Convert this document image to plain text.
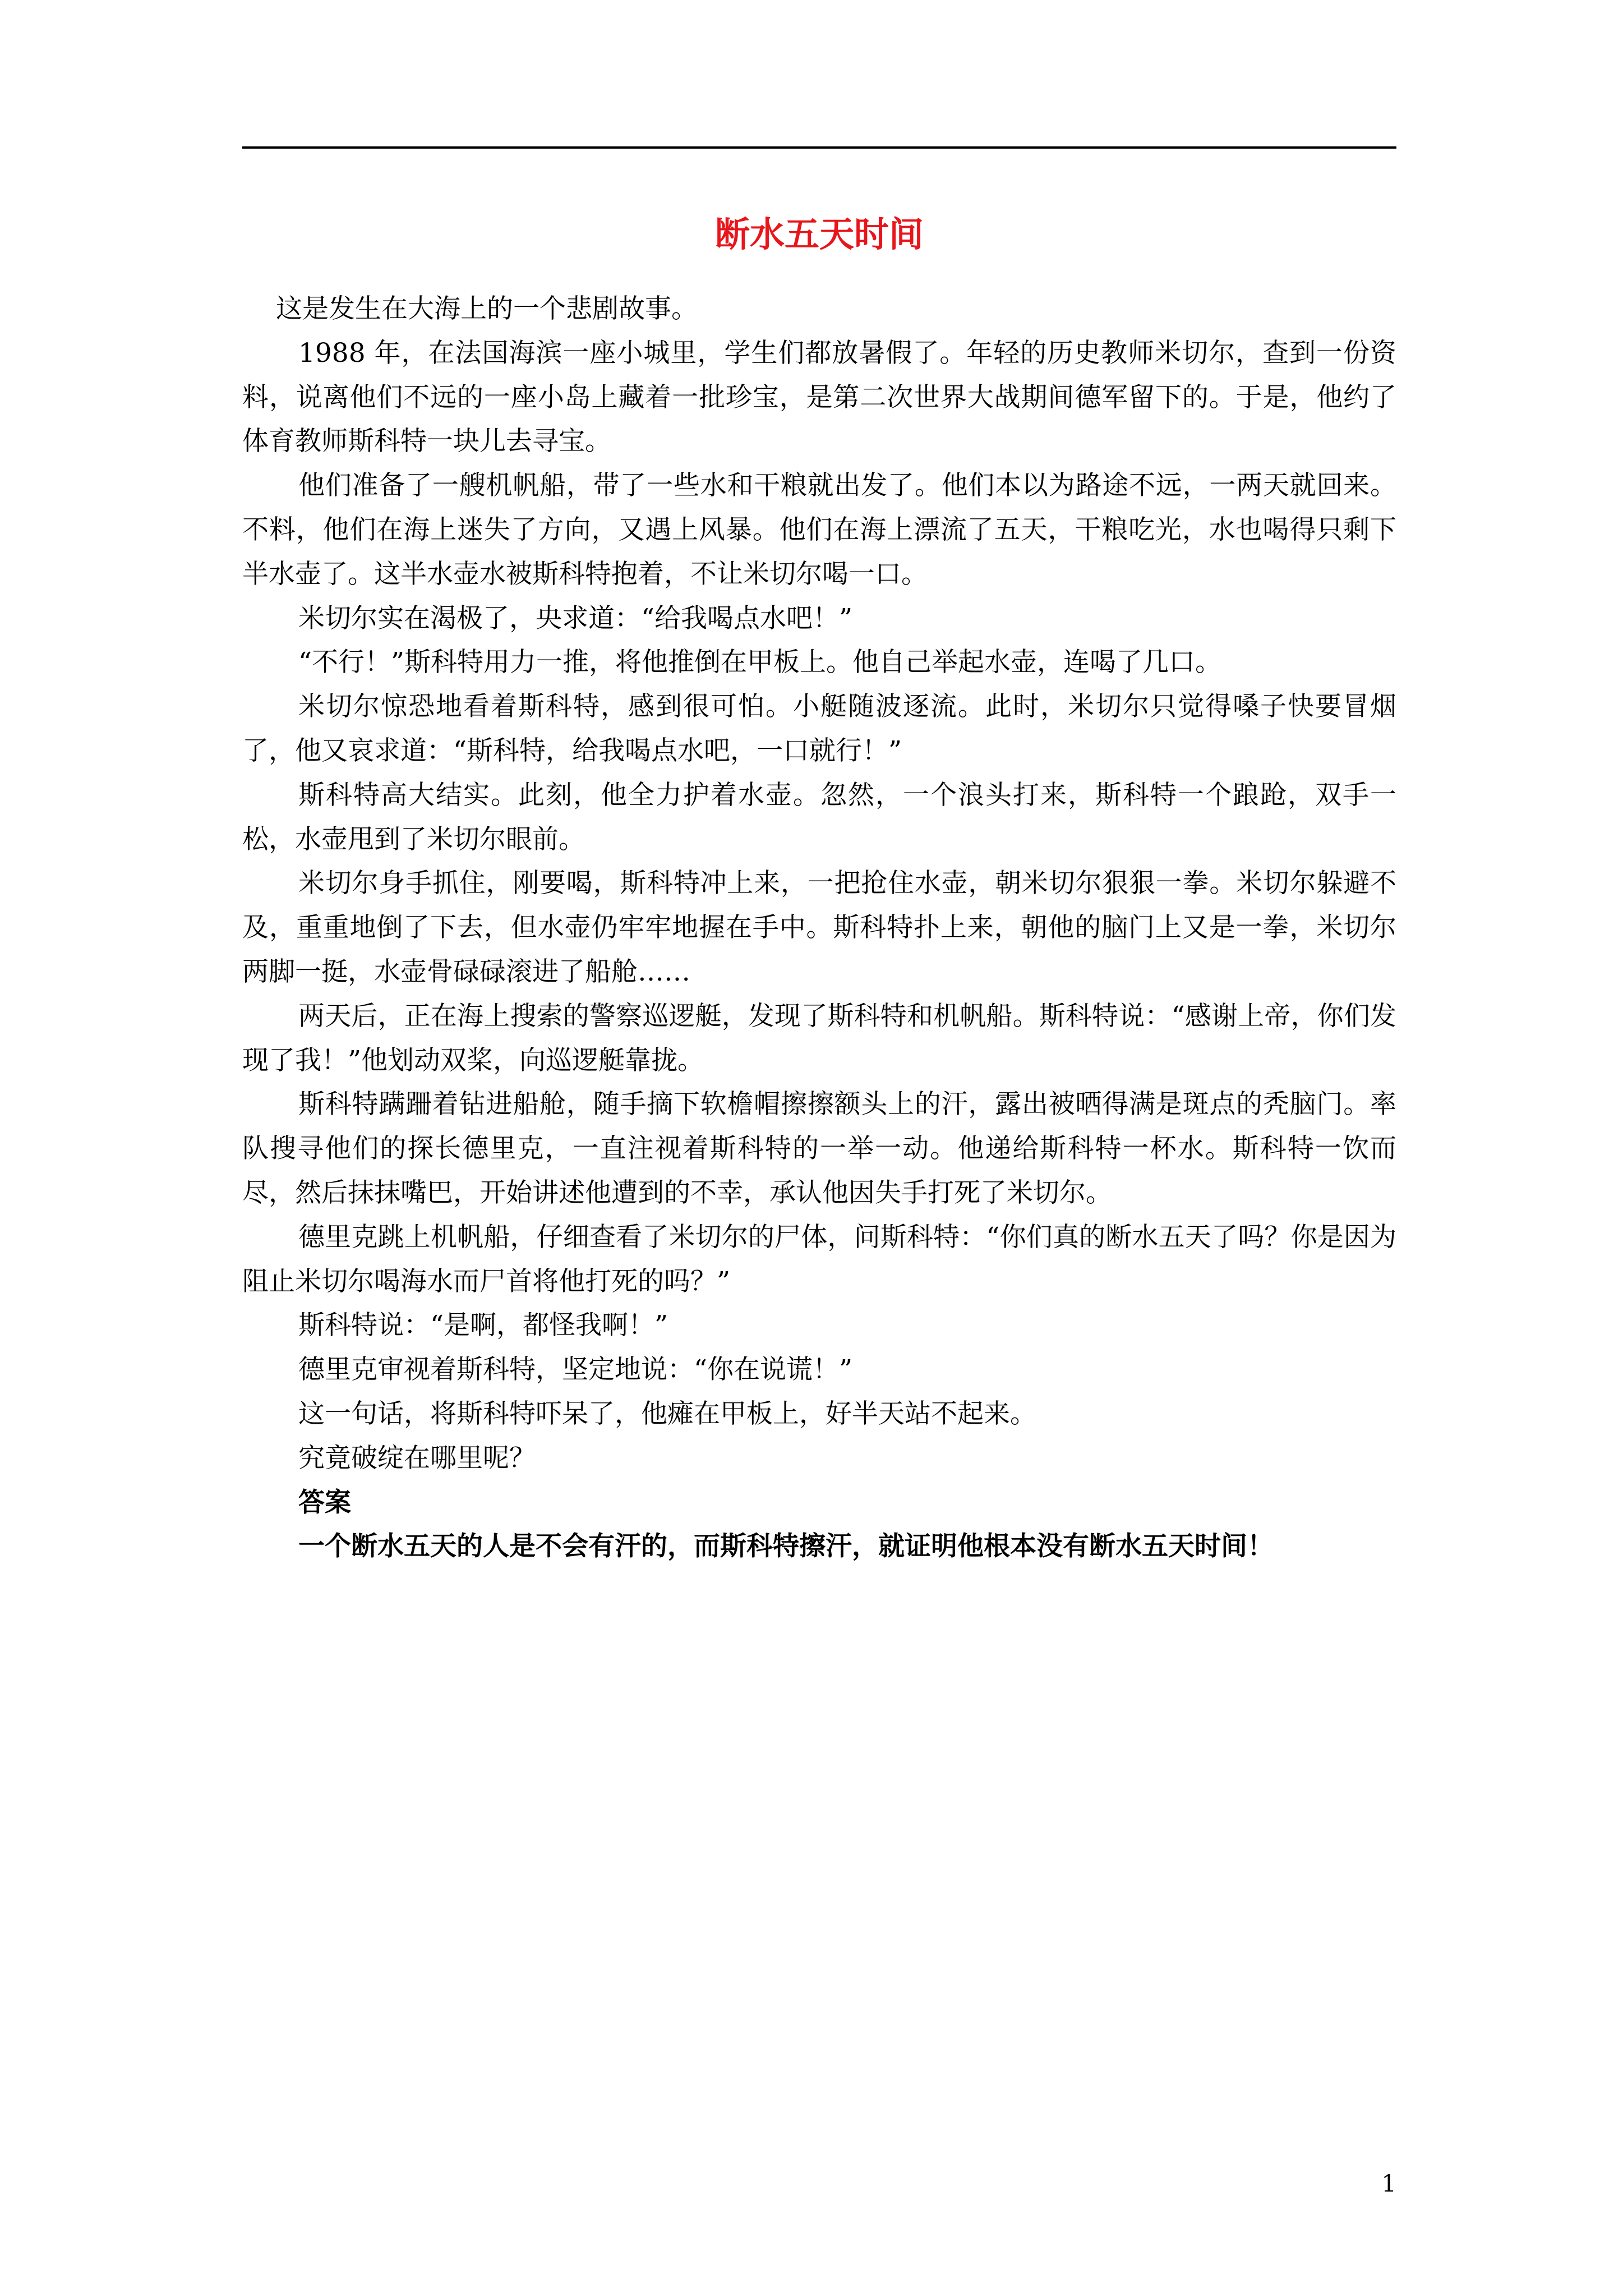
断水五天时间

这是发生在大海上的一个悲剧故事。

1988 年，在法国海滨一座小城里，学生们都放暑假了。年轻的历史教师米切尔，查到一份资料，说离他们不远的一座小岛上藏着一批珍宝，是第二次世界大战期间德军留下的。于是，他约了体育教师斯科特一块儿去寻宝。

他们准备了一艘机帆船，带了一些水和干粮就出发了。他们本以为路途不远，一两天就回来。不料，他们在海上迷失了方向，又遇上风暴。他们在海上漂流了五天，干粮吃光，水也喝得只剩下半水壶了。这半水壶水被斯科特抱着，不让米切尔喝一口。

米切尔实在渴极了，央求道：“给我喝点水吧！”

“不行！”斯科特用力一推，将他推倒在甲板上。他自己举起水壶，连喝了几口。

米切尔惊恐地看着斯科特，感到很可怕。小艇随波逐流。此时，米切尔只觉得嗓子快要冒烟了，他又哀求道：“斯科特，给我喝点水吧，一口就行！”

斯科特高大结实。此刻，他全力护着水壶。忽然，一个浪头打来，斯科特一个踉跄，双手一松，水壶甩到了米切尔眼前。

米切尔身手抓住，刚要喝，斯科特冲上来，一把抢住水壶，朝米切尔狠狠一拳。米切尔躲避不及，重重地倒了下去，但水壶仍牢牢地握在手中。斯科特扑上来，朝他的脑门上又是一拳，米切尔两脚一挺，水壶骨碌碌滚进了船舱……

两天后，正在海上搜索的警察巡逻艇，发现了斯科特和机帆船。斯科特说：“感谢上帝，你们发现了我！”他划动双桨，向巡逻艇靠拢。

斯科特蹒跚着钻进船舱，随手摘下软檐帽擦擦额头上的汗，露出被晒得满是斑点的秃脑门。率队搜寻他们的探长德里克，一直注视着斯科特的一举一动。他递给斯科特一杯水。斯科特一饮而尽，然后抹抹嘴巴，开始讲述他遭到的不幸，承认他因失手打死了米切尔。

德里克跳上机帆船，仔细查看了米切尔的尸体，问斯科特：“你们真的断水五天了吗？你是因为阻止米切尔喝海水而尸首将他打死的吗？”

斯科特说：“是啊，都怪我啊！”

德里克审视着斯科特，坚定地说：“你在说谎！”

这一句话，将斯科特吓呆了，他瘫在甲板上，好半天站不起来。

究竟破绽在哪里呢？

答案

一个断水五天的人是不会有汗的，而斯科特擦汗，就证明他根本没有断水五天时间！

1
